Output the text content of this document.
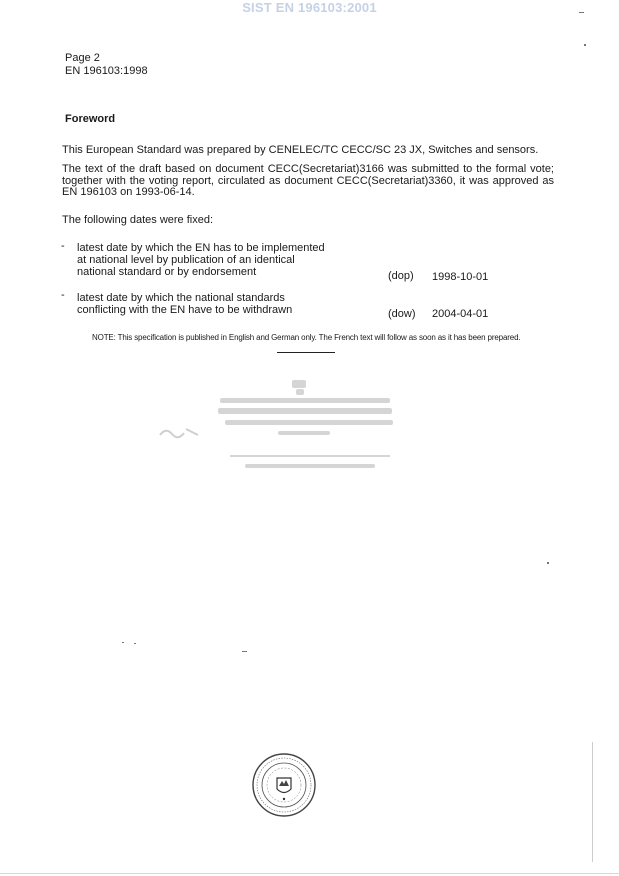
SIST EN 196103:2001
Page 2
EN 196103:1998
Foreword
This European Standard was prepared by CENELEC/TC CECC/SC 23 JX, Switches and sensors.
The text of the draft based on document CECC(Secretariat)3166 was submitted to the formal vote; together with the voting report, circulated as document CECC(Secretariat)3360, it was approved as EN 196103 on 1993-06-14.
The following dates were fixed:
- latest date by which the EN has to be implemented
at national level by publication of an identical
national standard or by endorsement	(dop) 1998-10-01
- latest date by which the national standards
conflicting with the EN have to be withdrawn	(dow) 2004-04-01
NOTE: This specification is published in English and German only. The French text will follow as soon as it has been prepared.
